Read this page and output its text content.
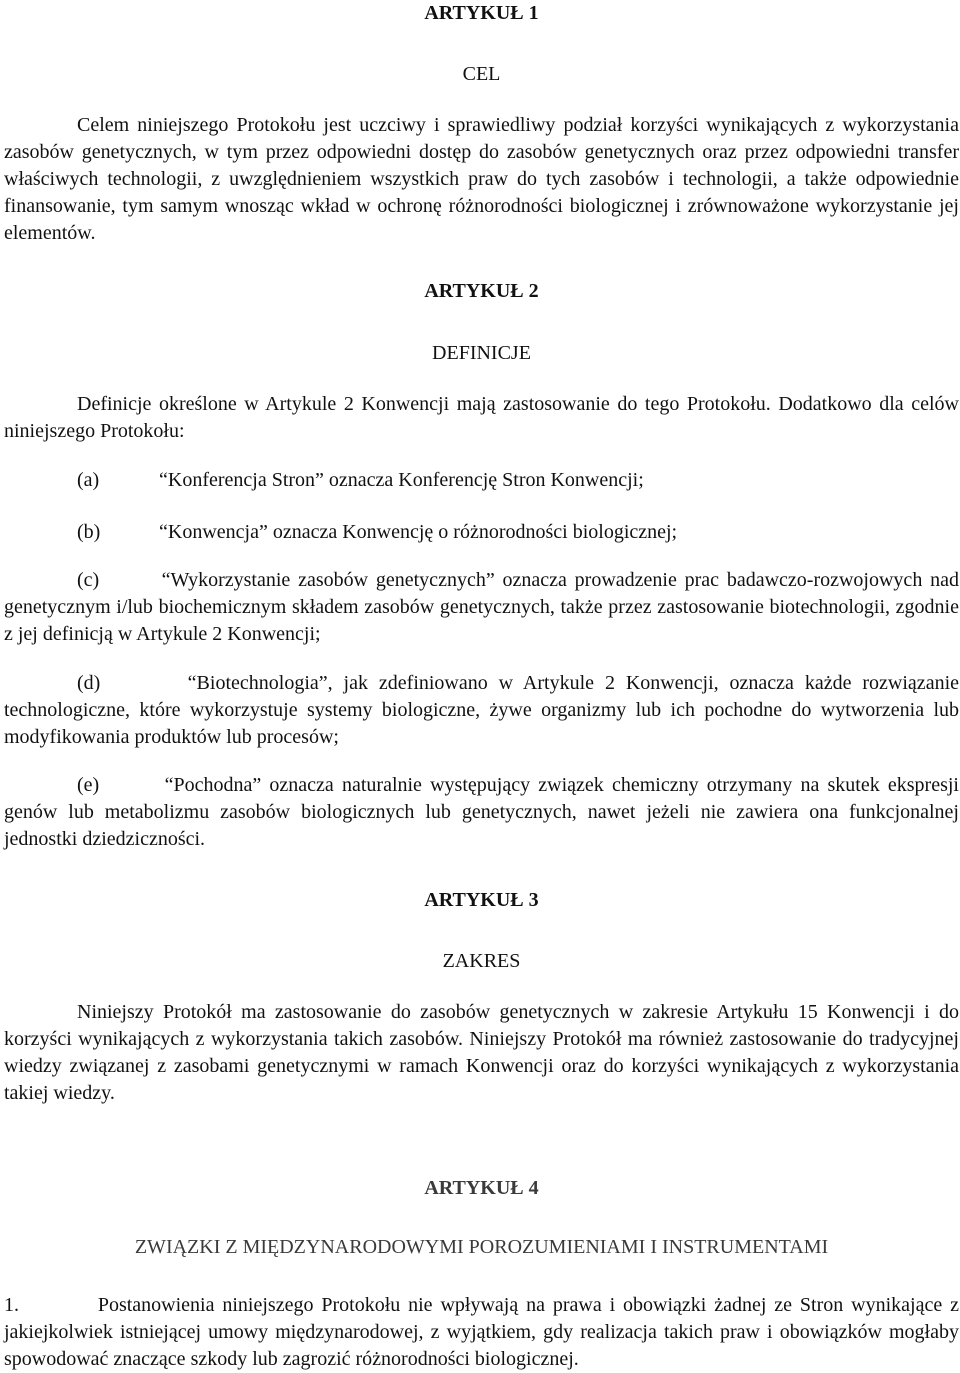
ARTYKUŁ 1
CEL

Celem niniejszego Protokołu jest uczciwy i sprawiedliwy podział korzyści wynikających z wykorzystania zasobów genetycznych, w tym przez odpowiedni dostęp do zasobów genetycznych oraz przez odpowiedni transfer właściwych technologii, z uwzględnieniem wszystkich praw do tych zasobów i technologii, a także odpowiednie finansowanie, tym samym wnosząc wkład w ochronę różnorodności biologicznej i zrównoważone wykorzystanie jej elementów.

ARTYKUŁ 2
DEFINICJE

Definicje określone w Artykule 2 Konwencji mają zastosowanie do tego Protokołu. Dodatkowo dla celów niniejszego Protokołu:

(a)	“Konferencja Stron” oznacza Konferencję Stron Konwencji;
(b)	“Konwencja” oznacza Konwencję o różnorodności biologicznej;

(c)        “Wykorzystanie zasobów genetycznych” oznacza prowadzenie prac badawczo-rozwojowych nad genetycznym i/lub biochemicznym składem zasobów genetycznych, także przez zastosowanie biotechnologii, zgodnie z jej definicją w Artykule 2 Konwencji;

(d)        “Biotechnologia”, jak zdefiniowano w Artykule 2 Konwencji, oznacza każde rozwiązanie technologiczne, które wykorzystuje systemy biologiczne, żywe organizmy lub ich pochodne do wytworzenia lub modyfikowania produktów lub procesów;

(e)        “Pochodna” oznacza naturalnie występujący związek chemiczny otrzymany na skutek ekspresji genów lub metabolizmu zasobów biologicznych lub genetycznych, nawet jeżeli nie zawiera ona funkcjonalnej jednostki dziedziczności.

ARTYKUŁ 3
ZAKRES

Niniejszy Protokół ma zastosowanie do zasobów genetycznych w zakresie Artykułu 15 Konwencji i do korzyści wynikających z wykorzystania takich zasobów. Niniejszy Protokół ma również zastosowanie do tradycyjnej wiedzy związanej z zasobami genetycznymi w ramach Konwencji oraz do korzyści wynikających z wykorzystania takiej wiedzy.

ARTYKUŁ 4
ZWIĄZKI Z MIĘDZYNARODOWYMI POROZUMIENIAMI I INSTRUMENTAMI

1.          Postanowienia niniejszego Protokołu nie wpływają na prawa i obowiązki żadnej ze Stron wynikające z jakiejkolwiek istniejącej umowy międzynarodowej, z wyjątkiem, gdy realizacja takich praw i obowiązków mogłaby spowodować znaczące szkody lub zagrozić różnorodności biologicznej.
